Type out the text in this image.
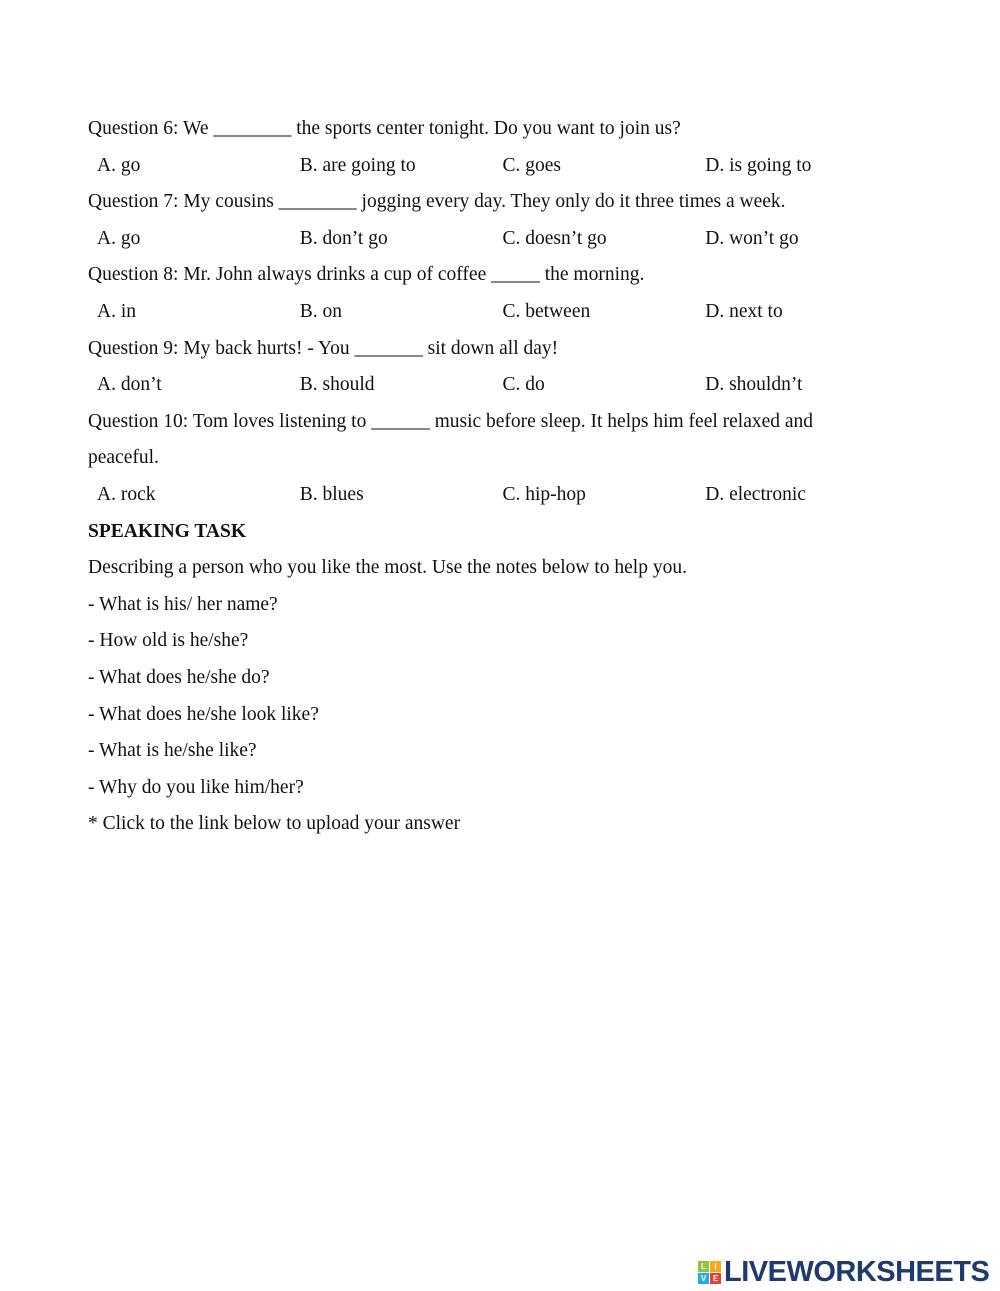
Question 6: We ________ the sports center tonight. Do you want to join us?
A. go	B. are going to	C. goes	D. is going to
Question 7: My cousins ________ jogging every day. They only do it three times a week.
A. go	B. don’t go	C. doesn’t go	D. won’t go
Question 8: Mr. John always drinks a cup of coffee _____ the morning.
A. in	B. on	C. between	D. next to
Question 9: My back hurts! - You _______ sit down all day!
A. don’t	B. should	C. do	D. shouldn’t
Question 10: Tom loves listening to ______ music before sleep. It helps him feel relaxed and
peaceful.
A. rock	B. blues	C. hip-hop	D. electronic
SPEAKING TASK
Describing a person who you like the most. Use the notes below to help you.
- What is his/ her name?
- How old is he/she?
- What does he/she do?
- What does he/she look like?
- What is he/she like?
- Why do you like him/her?
* Click to the link below to upload your answer
L	I
V E LIVEWORKSHEETS
